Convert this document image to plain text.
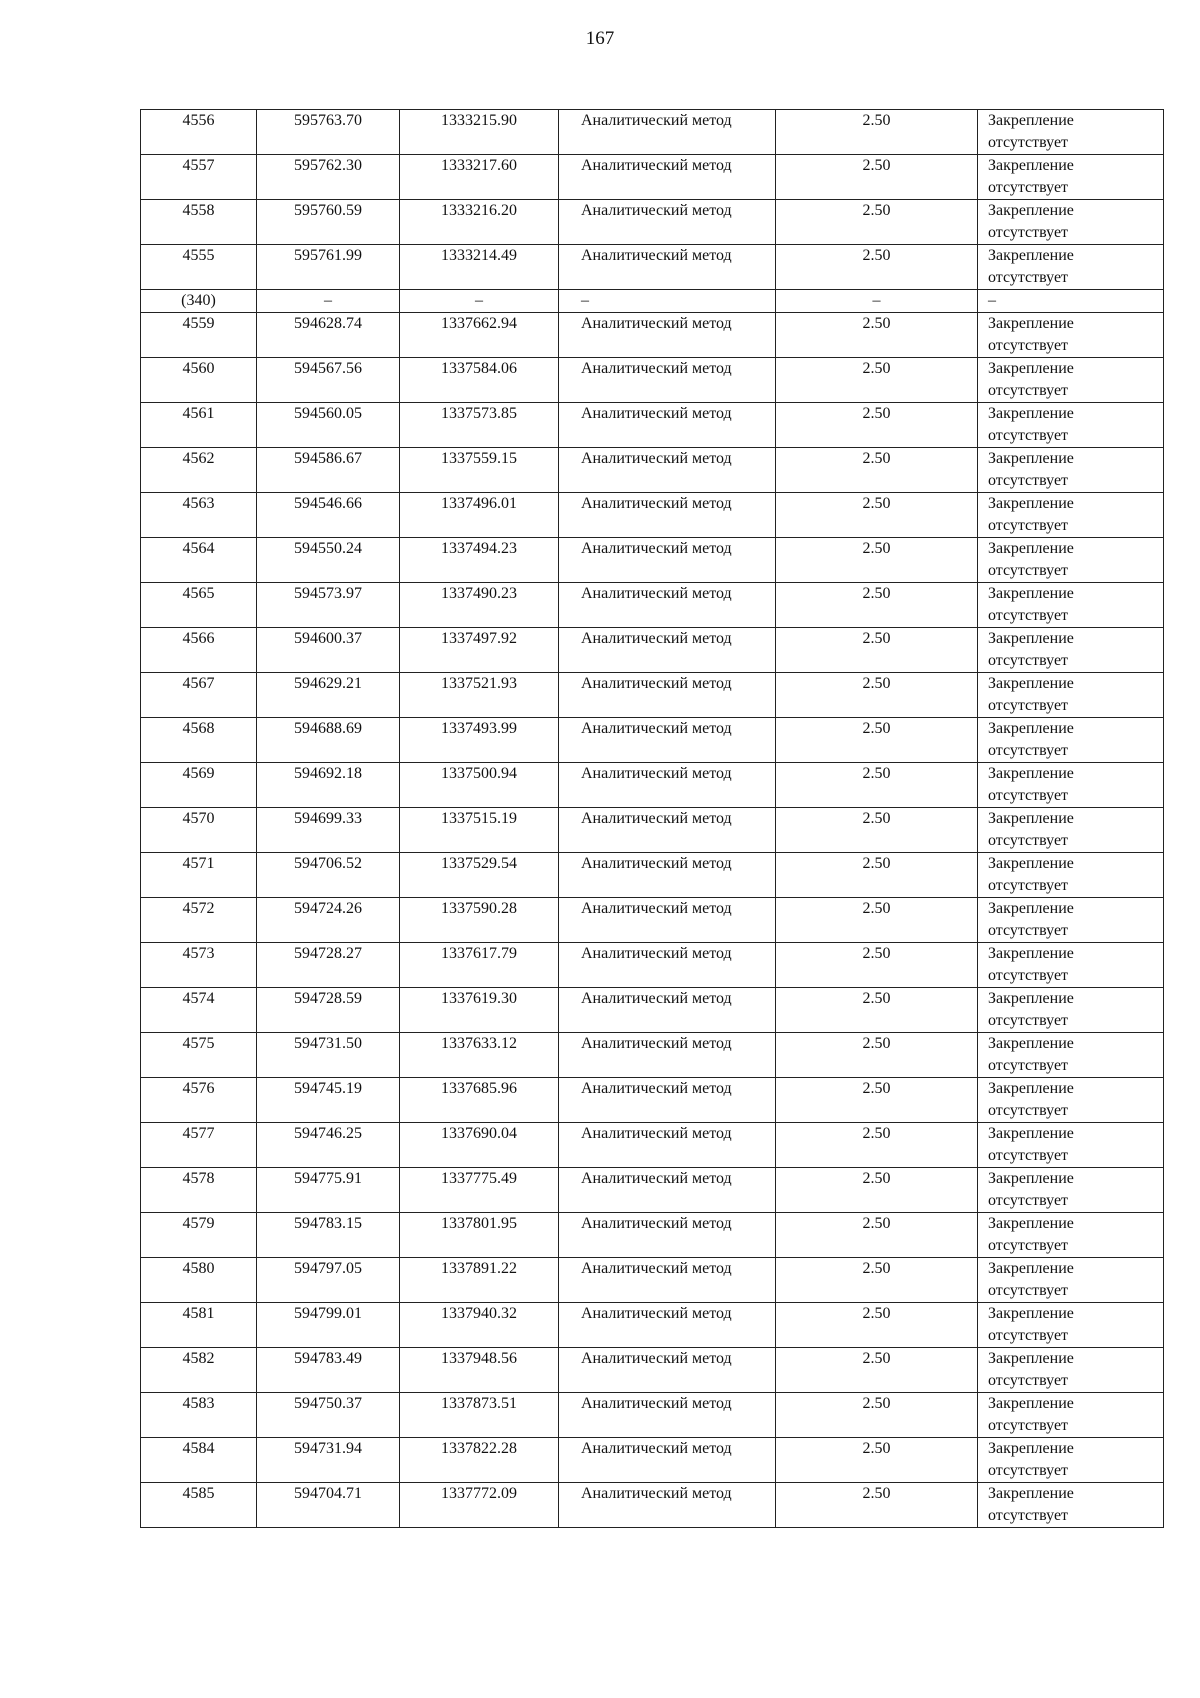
167
4556	595763.70	1333215.90	Аналитический метод	2.50	Закрепление
отсутствует

4557	595762.30	1333217.60	Аналитический метод	2.50	Закрепление
отсутствует

4558	595760.59	1333216.20	Аналитический метод	2.50	Закрепление
отсутствует

4555	595761.99	1333214.49	Аналитический метод	2.50	Закрепление
отсутствует

(340)	–	–	–	–	–

4559	594628.74	1337662.94	Аналитический метод	2.50	Закрепление
отсутствует

4560	594567.56	1337584.06	Аналитический метод	2.50	Закрепление
отсутствует

4561	594560.05	1337573.85	Аналитический метод	2.50	Закрепление
отсутствует

4562	594586.67	1337559.15	Аналитический метод	2.50	Закрепление
отсутствует

4563	594546.66	1337496.01	Аналитический метод	2.50	Закрепление
отсутствует

4564	594550.24	1337494.23	Аналитический метод	2.50	Закрепление
отсутствует

4565	594573.97	1337490.23	Аналитический метод	2.50	Закрепление
отсутствует

4566	594600.37	1337497.92	Аналитический метод	2.50	Закрепление
отсутствует

4567	594629.21	1337521.93	Аналитический метод	2.50	Закрепление
отсутствует

4568	594688.69	1337493.99	Аналитический метод	2.50	Закрепление
отсутствует

4569	594692.18	1337500.94	Аналитический метод	2.50	Закрепление
отсутствует

4570	594699.33	1337515.19	Аналитический метод	2.50	Закрепление
отсутствует

4571	594706.52	1337529.54	Аналитический метод	2.50	Закрепление
отсутствует

4572	594724.26	1337590.28	Аналитический метод	2.50	Закрепление
отсутствует

4573	594728.27	1337617.79	Аналитический метод	2.50	Закрепление
отсутствует

4574	594728.59	1337619.30	Аналитический метод	2.50	Закрепление
отсутствует

4575	594731.50	1337633.12	Аналитический метод	2.50	Закрепление
отсутствует

4576	594745.19	1337685.96	Аналитический метод	2.50	Закрепление
отсутствует

4577	594746.25	1337690.04	Аналитический метод	2.50	Закрепление
отсутствует

4578	594775.91	1337775.49	Аналитический метод	2.50	Закрепление
отсутствует

4579	594783.15	1337801.95	Аналитический метод	2.50	Закрепление
отсутствует

4580	594797.05	1337891.22	Аналитический метод	2.50	Закрепление
отсутствует

4581	594799.01	1337940.32	Аналитический метод	2.50	Закрепление
отсутствует

4582	594783.49	1337948.56	Аналитический метод	2.50	Закрепление
отсутствует

4583	594750.37	1337873.51	Аналитический метод	2.50	Закрепление
отсутствует

4584	594731.94	1337822.28	Аналитический метод	2.50	Закрепление
отсутствует

4585	594704.71	1337772.09	Аналитический метод	2.50	Закрепление
отсутствует
